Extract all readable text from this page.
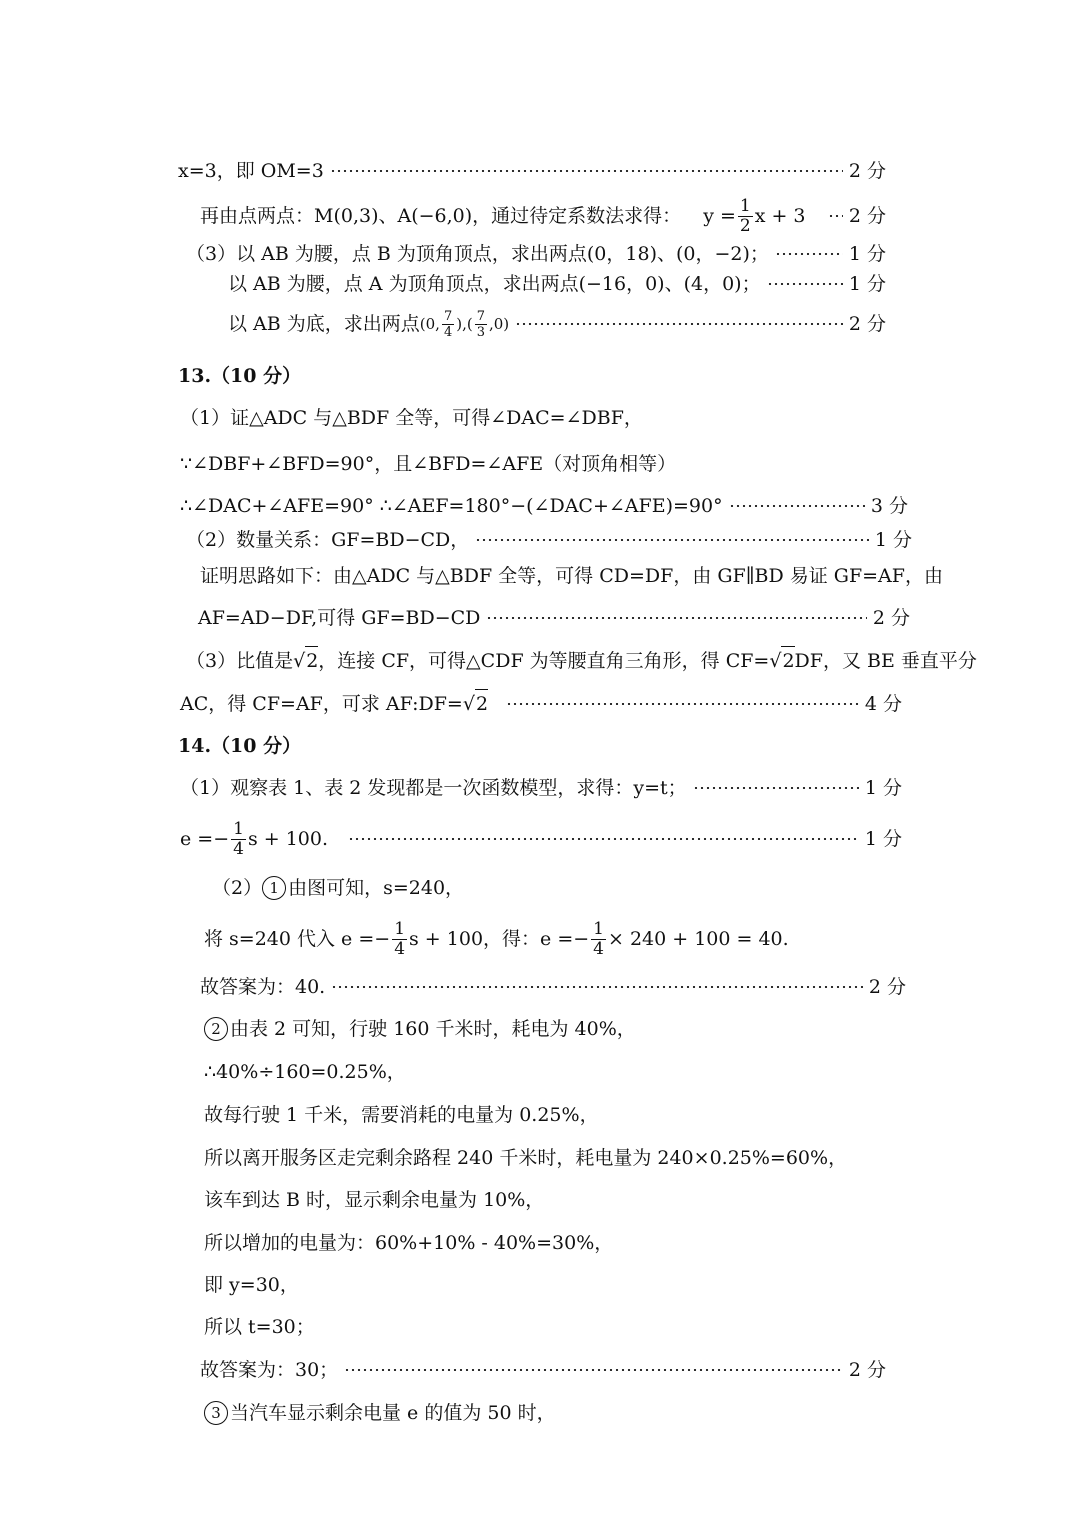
x=3，即 OM=3	2 分
再由点两点：M(0,3)、A(−6,0)，通过待定系数法求得： $y = \frac{1}{2}$ x + 3 2 分
（3）以 AB 为腰，点 B 为顶角顶点，求出两点(0，18)、(0，−2)；	1 分
以 AB 为腰，点 A 为顶角顶点，求出两点(−16，0)、(4，0)；	1 分
以 AB 为底，求出两点 (0, $\frac{7}{4}$ ),( $\frac{7}{3} ,0$)	2 分
13.（10 分）
（1）证△ADC 与△BDF 全等，可得∠DAC=∠DBF，
∵∠DBF+∠BFD=90°，且∠BFD=∠AFE（对顶角相等）
∴∠DAC+∠AFE=90° ∴∠AEF=180°−(∠DAC+∠AFE)=90°	3 分
（2）数量关系：GF=BD−CD，	1 分
证明思路如下：由△ADC 与△BDF 全等，可得 CD=DF，由 GF∥BD 易证 GF=AF，由
AF=AD−DF,可得 GF=BD−CD	2 分
（3）比值是 √ 2 ，连接 CF，可得△CDF 为等腰直角三角形，得 CF= √ 2 DF，又 BE 垂直平分
AC，得 CF=AF，可求 AF:DF= √ 2	4 分
14.（10 分）
（1）观察表 1、表 2 发现都是一次函数模型，求得：y=t；	1 分
$e =- \frac{1}{4}$ s + 100.	1 分
（2） 1 由图可知，s=240，
将 s=240 代入 $e =- \frac{1}{4}$ s + 100，得：$e =- \frac{1}{4} \times 240 + 100 = 40$.
故答案为：40.	2 分
2 由表 2 可知，行驶 160 千米时，耗电为 40%，
∴40%÷160=0.25%，
故每行驶 1 千米，需要消耗的电量为 0.25%，
所以离开服务区走完剩余路程 240 千米时，耗电量为 240×0.25%=60%，
该车到达 B 时，显示剩余电量为 10%，
所以增加的电量为：60%+10% - 40%=30%，
即 y=30，
所以 t=30；
故答案为：30；	2 分
3 当汽车显示剩余电量 e 的值为 50 时，
